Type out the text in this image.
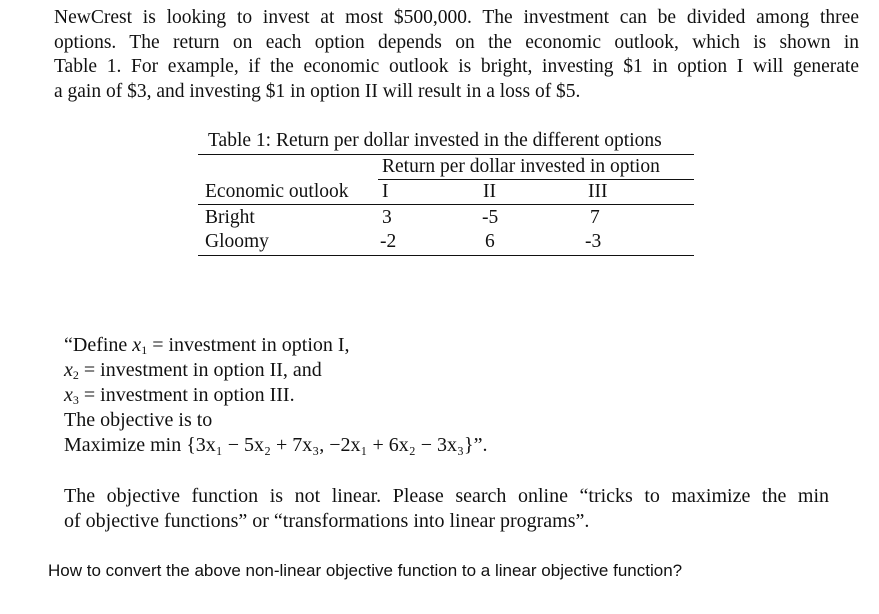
NewCrest is looking to invest at most $500,000. The investment can be divided among three
options. The return on each option depends on the economic outlook, which is shown in
Table 1. For example, if the economic outlook is bright, investing $1 in option I will generate
a gain of $3, and investing $1 in option II will result in a loss of $5.
Table 1: Return per dollar invested in the different options
Return per dollar invested in option
Economic outlook I	II	III
Bright	3	-5	7
Gloomy	-2	6	-3
“Define $x_1$ = investment in option I,
$x_2$ = investment in option II, and
$x_3$ = investment in option III.
The objective is to
Maximize min {3x₁ − 5x₂ + 7x₃, −2x₁ + 6x₂ − 3x₃}”.
The objective function is not linear. Please search online “tricks to maximize the min
of objective functions” or “transformations into linear programs”.
How to convert the above non-linear objective function to a linear objective function?
